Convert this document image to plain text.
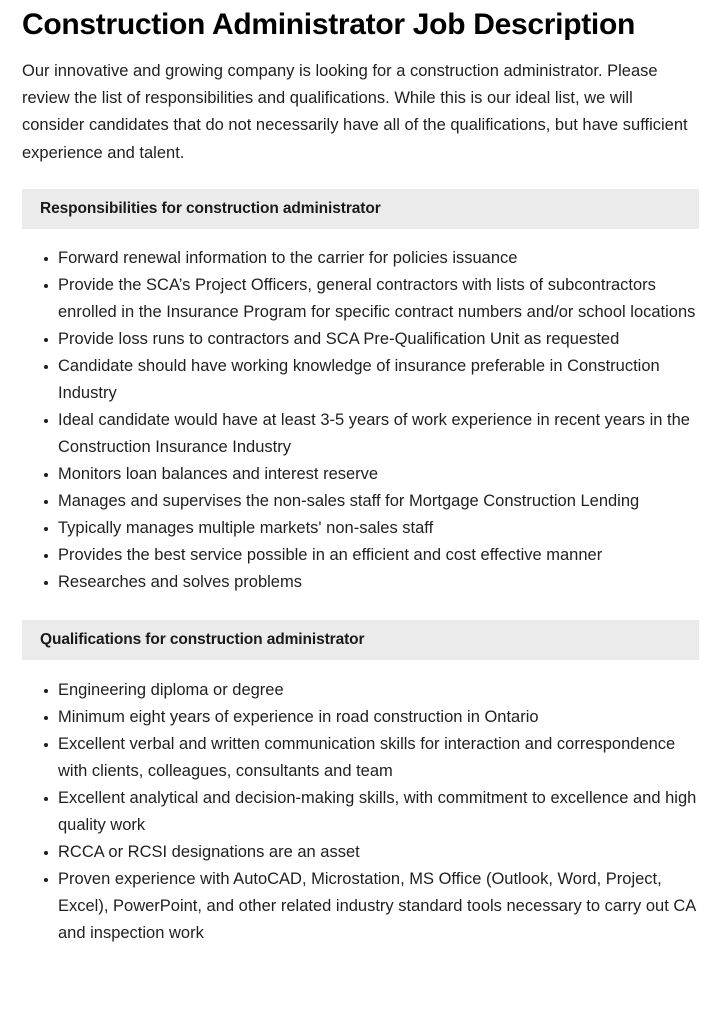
Construction Administrator Job Description

Our innovative and growing company is looking for a construction administrator. Please review the list of responsibilities and qualifications. While this is our ideal list, we will consider candidates that do not necessarily have all of the qualifications, but have sufficient experience and talent.

Responsibilities for construction administrator
Forward renewal information to the carrier for policies issuance
Provide the SCA’s Project Officers, general contractors with lists of subcontractors enrolled in the Insurance Program for specific contract numbers and/or school locations
Provide loss runs to contractors and SCA Pre-Qualification Unit as requested
Candidate should have working knowledge of insurance preferable in Construction Industry
Ideal candidate would have at least 3-5 years of work experience in recent years in the Construction Insurance Industry
Monitors loan balances and interest reserve
Manages and supervises the non-sales staff for Mortgage Construction Lending
Typically manages multiple markets' non-sales staff
Provides the best service possible in an efficient and cost effective manner
Researches and solves problems
Qualifications for construction administrator
Engineering diploma or degree
Minimum eight years of experience in road construction in Ontario
Excellent verbal and written communication skills for interaction and correspondence with clients, colleagues, consultants and team
Excellent analytical and decision-making skills, with commitment to excellence and high quality work
RCCA or RCSI designations are an asset
Proven experience with AutoCAD, Microstation, MS Office (Outlook, Word, Project, Excel), PowerPoint, and other related industry standard tools necessary to carry out CA and inspection work
